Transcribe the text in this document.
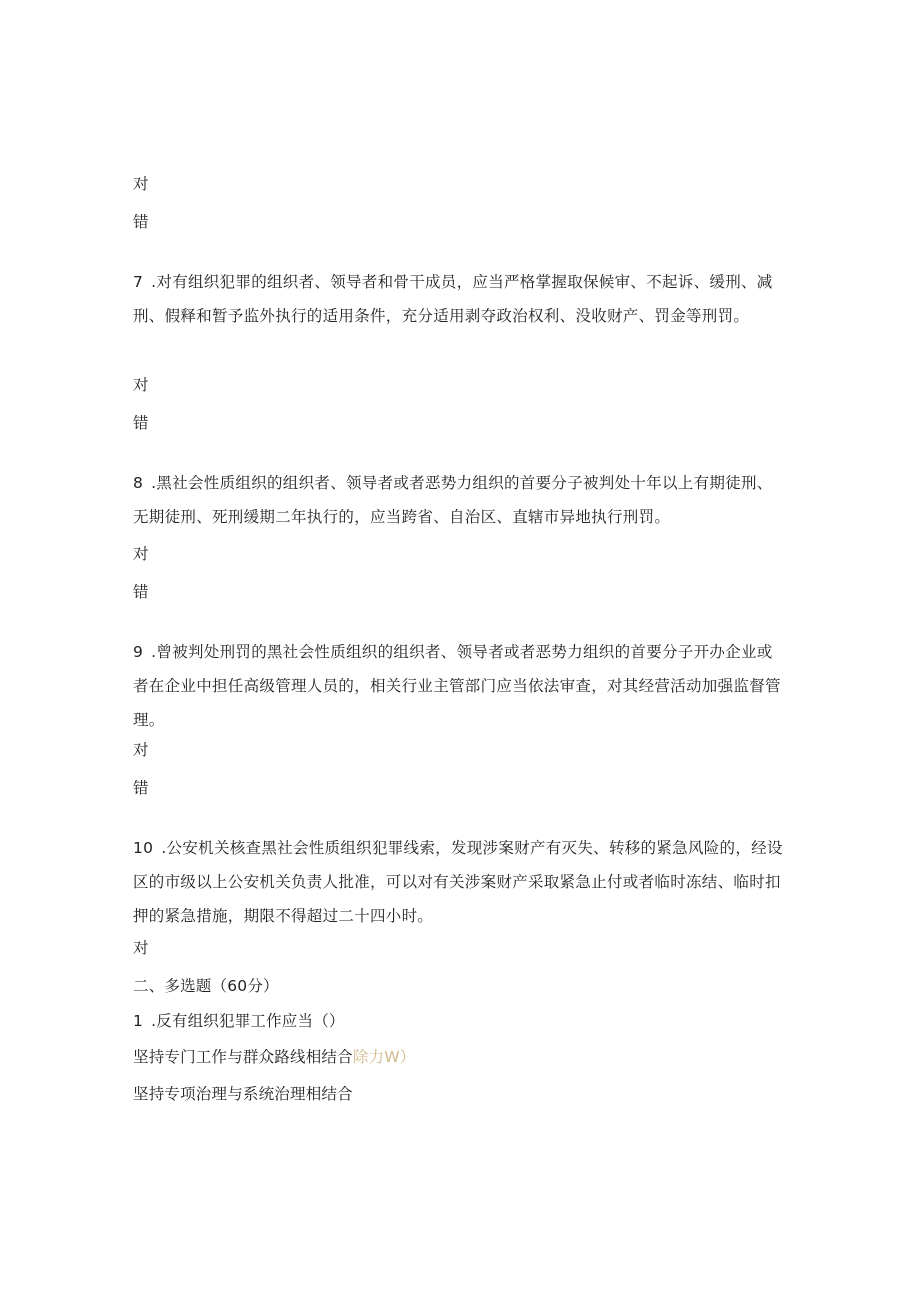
对
错
7 .对有组织犯罪的组织者、领导者和骨干成员，应当严格掌握取保候审、不起诉、缓刑、减刑、假释和暂予监外执行的适用条件，充分适用剥夺政治权利、没收财产、罚金等刑罚。
对
错
8 .黑社会性质组织的组织者、领导者或者恶势力组织的首要分子被判处十年以上有期徒刑、无期徒刑、死刑缓期二年执行的，应当跨省、自治区、直辖市异地执行刑罚。
对
错
9 .曾被判处刑罚的黑社会性质组织的组织者、领导者或者恶势力组织的首要分子开办企业或者在企业中担任高级管理人员的，相关行业主管部门应当依法审查，对其经营活动加强监督管理。
对
错
10 .公安机关核查黑社会性质组织犯罪线索，发现涉案财产有灭失、转移的紧急风险的，经设区的市级以上公安机关负责人批准，可以对有关涉案财产采取紧急止付或者临时冻结、临时扣押的紧急措施，期限不得超过二十四小时。
对
二、多选题（60分）
1 .反有组织犯罪工作应当（）
坚持专门工作与群众路线相结合除力W）
坚持专项治理与系统治理相结合
